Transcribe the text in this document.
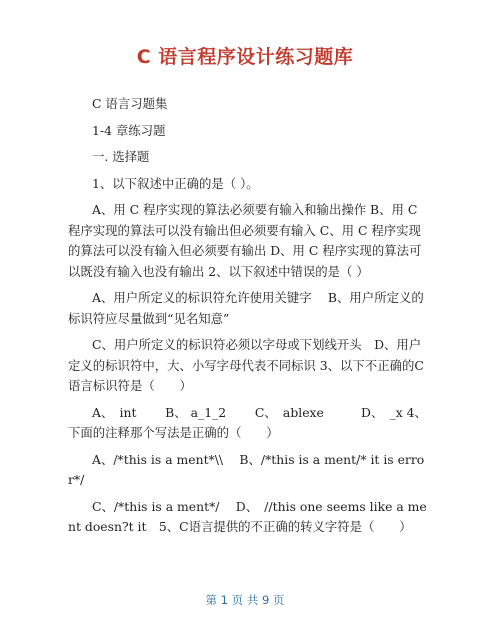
C 语言程序设计练习题库

C 语言习题集

1-4 章练习题

一. 选择题

1、以下叙述中正确的是（ ）。

A、用 C 程序实现的算法必须要有输入和输出操作 B、用 C 程序实现的算法可以没有输出但必须要有输入 C、用 C 程序实现的算法可以没有输入但必须要有输出 D、用 C 程序实现的算法可以既没有输入也没有输出 2、以下叙述中错误的是（ ）

A、用户所定义的标识符允许使用关键字　 B、用户所定义的标识符应尽量做到“见名知意”

C、用户所定义的标识符必须以字母或下划线开头　D、用户定义的标识符中，大、小写字母代表不同标识 3、以下不正确的C语言标识符是（　　）

A、　int　　 B、 a_1_2　　 C、　ablexe　　　D、　_x 4、下面的注释那个写法是正确的（　　）

A、/*this is a ment*\\　 B、/*this is a ment/* it is error*/

C、/*this is a ment*/　 D、　//this one seems like a ment doesn?t it　5、C语言提供的不正确的转义字符是（　　）

第 1 页 共 9 页
